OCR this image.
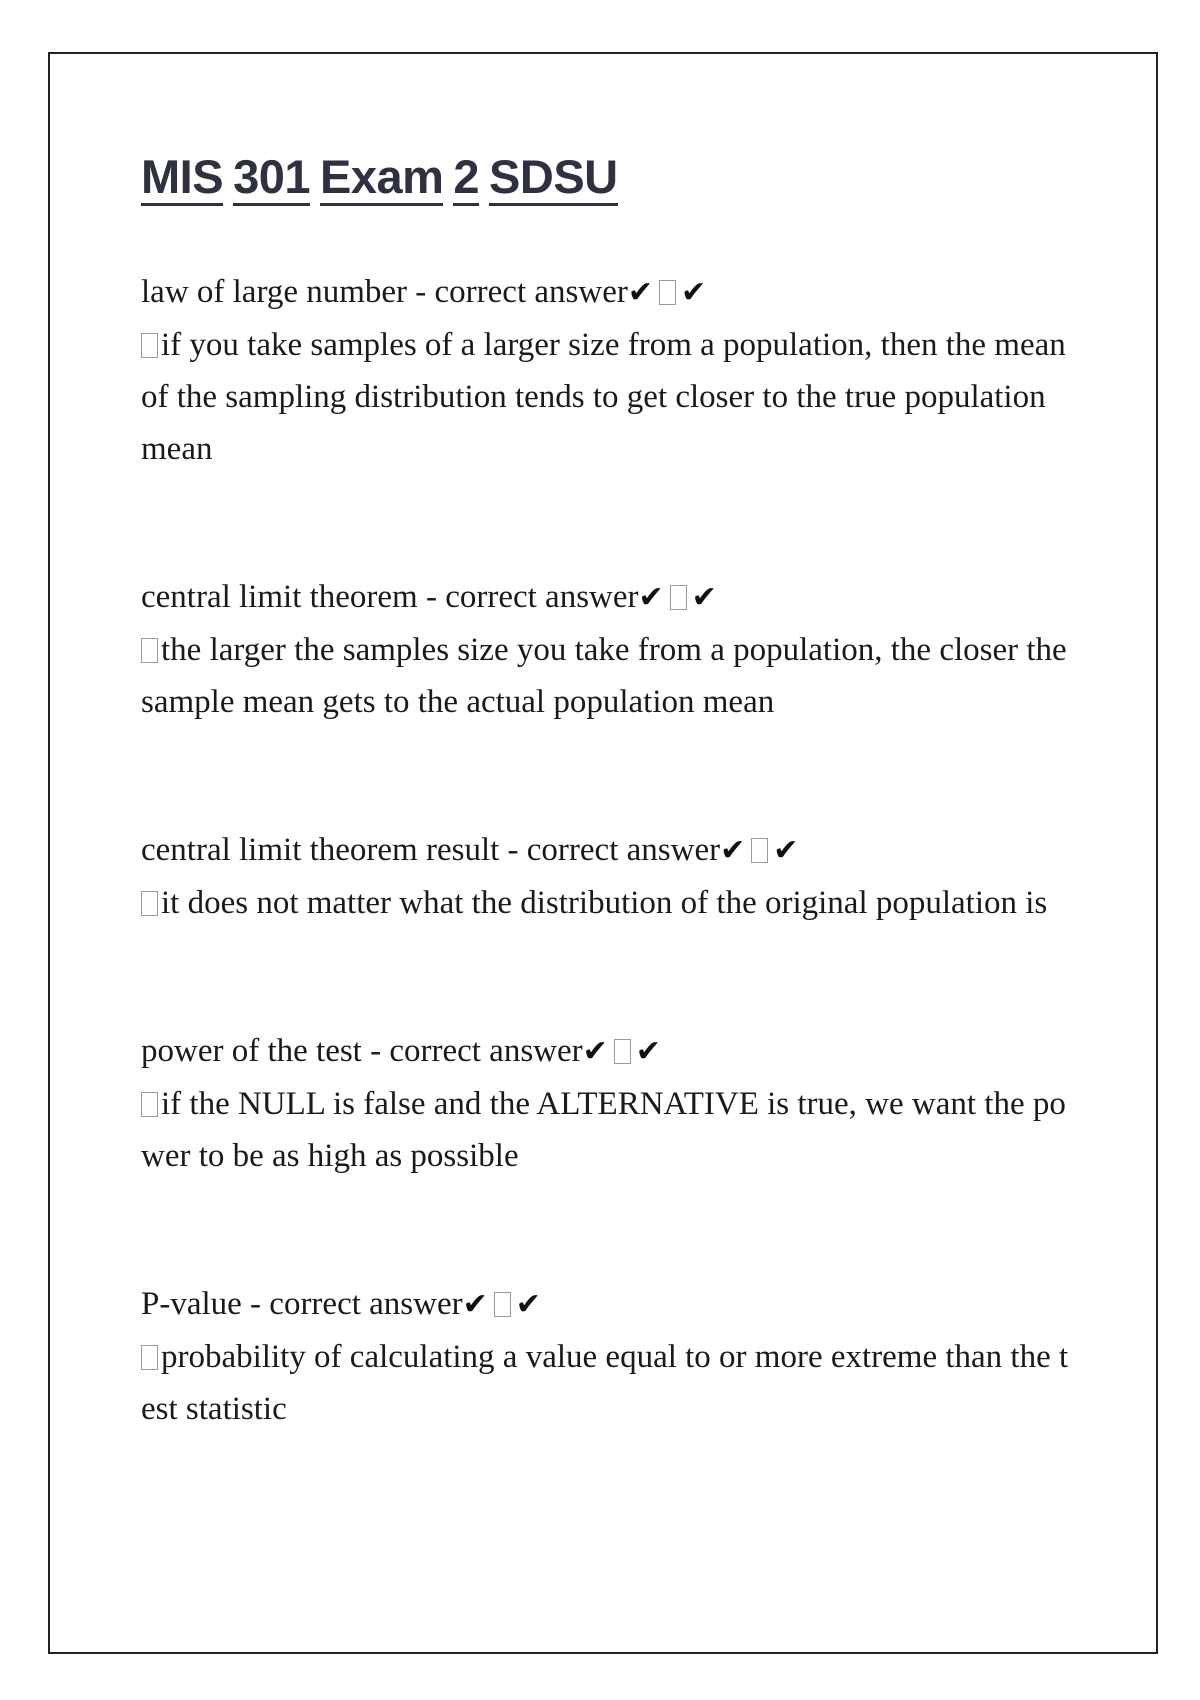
MIS 301 Exam 2 SDSU
law of large number - correct answer✔ ✔
if you take samples of a larger size from a population, then the mean of the sampling distribution tends to get closer to the true population mean
central limit theorem - correct answer✔ ✔
the larger the samples size you take from a population, the closer the sample mean gets to the actual population mean
central limit theorem result - correct answer✔ ✔
it does not matter what the distribution of the original population is
power of the test - correct answer✔ ✔
if the NULL is false and the ALTERNATIVE is true, we want the power to be as high as possible
P-value - correct answer✔ ✔
probability of calculating a value equal to or more extreme than the test statistic
